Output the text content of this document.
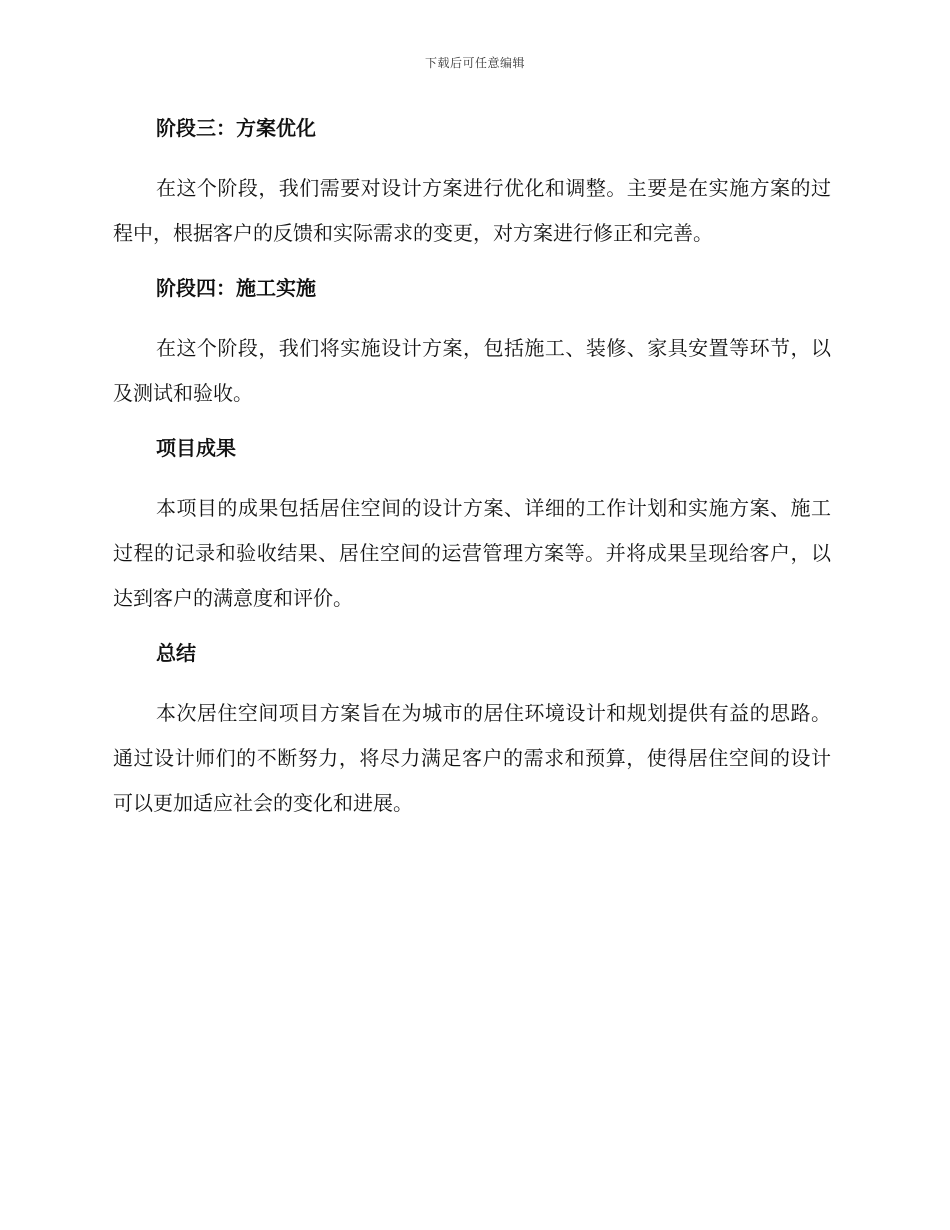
下载后可任意编辑
阶段三：方案优化

在这个阶段，我们需要对设计方案进行优化和调整。主要是在实施方案的过程中，根据客户的反馈和实际需求的变更，对方案进行修正和完善。

阶段四：施工实施

在这个阶段，我们将实施设计方案，包括施工、装修、家具安置等环节，以及测试和验收。

项目成果

本项目的成果包括居住空间的设计方案、详细的工作计划和实施方案、施工过程的记录和验收结果、居住空间的运营管理方案等。并将成果呈现给客户，以达到客户的满意度和评价。

总结

本次居住空间项目方案旨在为城市的居住环境设计和规划提供有益的思路。通过设计师们的不断努力，将尽力满足客户的需求和预算，使得居住空间的设计可以更加适应社会的变化和进展。
